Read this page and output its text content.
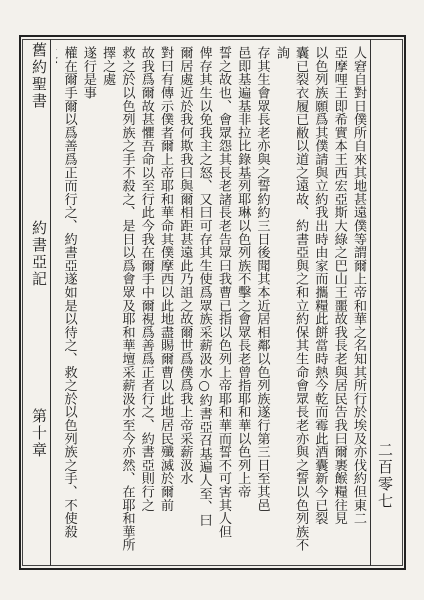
舊約聖書  約書亞記  第十章
二百零七
人窘自對日僕所自來其地甚遠僕等謂爾上帝和華之名知其所行於埃及亦伐約但東二
亞摩哩王即希實本王西宏亞斯大綠之巴山王噩故我長老與居民告我曰爾裹餱糧往見
以色列族願爲其僕請與立約我出時由家而攜糧此餅當時熱今乾而霉此酒囊新今已裂
囊已裂衣履已敝以道之遠故、約書亞與之和立約保其生命會眾長老亦與之誓以色列族不詢
存其生會眾長老亦與之誓約約三日後聞其本近居相鄰以色列族遂行第三日至其邑
邑即基遍基非拉比錄基列耶琳以色列族不擊之會眾長老曾指耶和華以色列上帝
誓之故也、會眾怨其長老諸長老告眾曰我曹已指以色列上帝耶和華而誓不可害其人但
俾存其生以免我主之怒、又曰可存其生使爲眾族采薪汲水○約書亞召基遍人至、曰
爾居處近於我何欺我曰與爾相距甚遠此乃詛之故爾世爲僕爲我上帝采薪汲水
對曰有傳示僕者爾上帝耶和華命其僕摩西以此地盡賜爾曹以此地居民殲滅於爾前
故我爲爾故甚懼吾命以至行此今我在爾手中爾視爲善爲正者行之、約書亞則行之
救之於以色列族之手不殺之、是日以爲會眾及耶和華壇采薪汲水至今亦然、在耶和華所擇之處
遂行是事
權在爾手爾以爲善爲正而行之、約書亞遂如是以待之、救之於以色列族之手、不使殺
